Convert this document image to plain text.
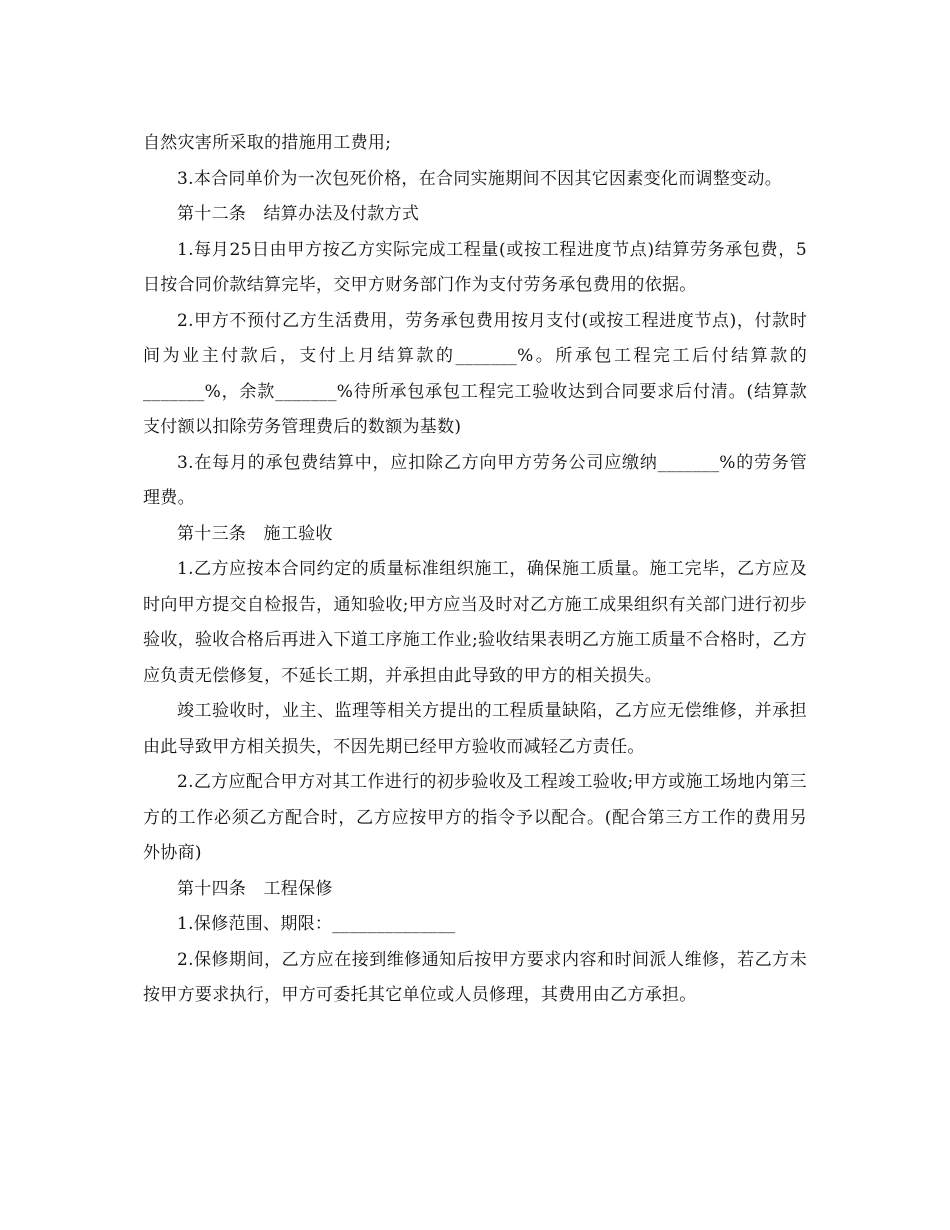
自然灾害所采取的措施用工费用;

3.本合同单价为一次包死价格，在合同实施期间不因其它因素变化而调整变动。

第十二条　结算办法及付款方式

1.每月25日由甲方按乙方实际完成工程量(或按工程进度节点)结算劳务承包费，5日按合同价款结算完毕，交甲方财务部门作为支付劳务承包费用的依据。

2.甲方不预付乙方生活费用，劳务承包费用按月支付(或按工程进度节点)，付款时间为业主付款后，支付上月结算款的_______%。所承包工程完工后付结算款的_______%，余款_______%待所承包承包工程完工验收达到合同要求后付清。(结算款支付额以扣除劳务管理费后的数额为基数)

3.在每月的承包费结算中，应扣除乙方向甲方劳务公司应缴纳_______%的劳务管理费。

第十三条　施工验收

1.乙方应按本合同约定的质量标准组织施工，确保施工质量。施工完毕，乙方应及时向甲方提交自检报告，通知验收;甲方应当及时对乙方施工成果组织有关部门进行初步验收，验收合格后再进入下道工序施工作业;验收结果表明乙方施工质量不合格时，乙方应负责无偿修复，不延长工期，并承担由此导致的甲方的相关损失。

竣工验收时，业主、监理等相关方提出的工程质量缺陷，乙方应无偿维修，并承担由此导致甲方相关损失，不因先期已经甲方验收而减轻乙方责任。

2.乙方应配合甲方对其工作进行的初步验收及工程竣工验收;甲方或施工场地内第三方的工作必须乙方配合时，乙方应按甲方的指令予以配合。(配合第三方工作的费用另外协商)

第十四条　工程保修

1.保修范围、期限：______________

2.保修期间，乙方应在接到维修通知后按甲方要求内容和时间派人维修，若乙方未按甲方要求执行，甲方可委托其它单位或人员修理，其费用由乙方承担。
